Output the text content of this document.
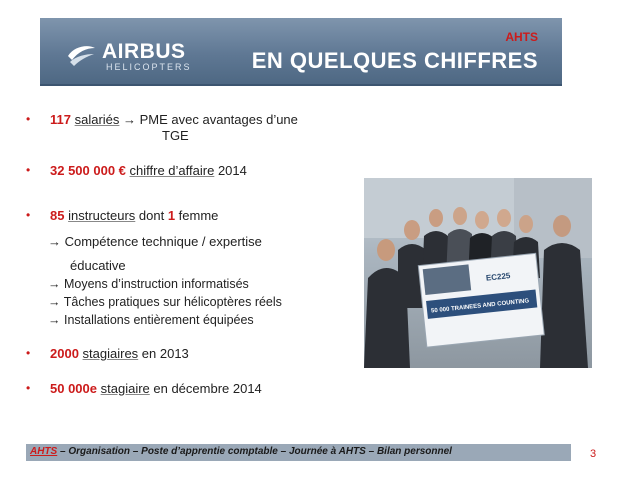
AIRBUS
HELICOPTERS
AHTS
EN QUELQUES CHIFFRES
• 117 salariés → PME avec avantages d’une
TGE
• 32 500 000 € chiffre d’affaire 2014
• 85 instructeurs dont 1 femme
→ Compétence technique / expertise
éducative
→ Moyens d’instruction informatisés
→ Tâches pratiques sur hélicoptères réels
→ Installations entièrement équipées
• 2000 stagiaires en 2013
• 50 000e stagiaire en décembre 2014
EC225
50 000 TRAINEES AND COUNTING
AHTS – Organisation – Poste d’apprentie comptable – Journée à AHTS – Bilan personnel	3
